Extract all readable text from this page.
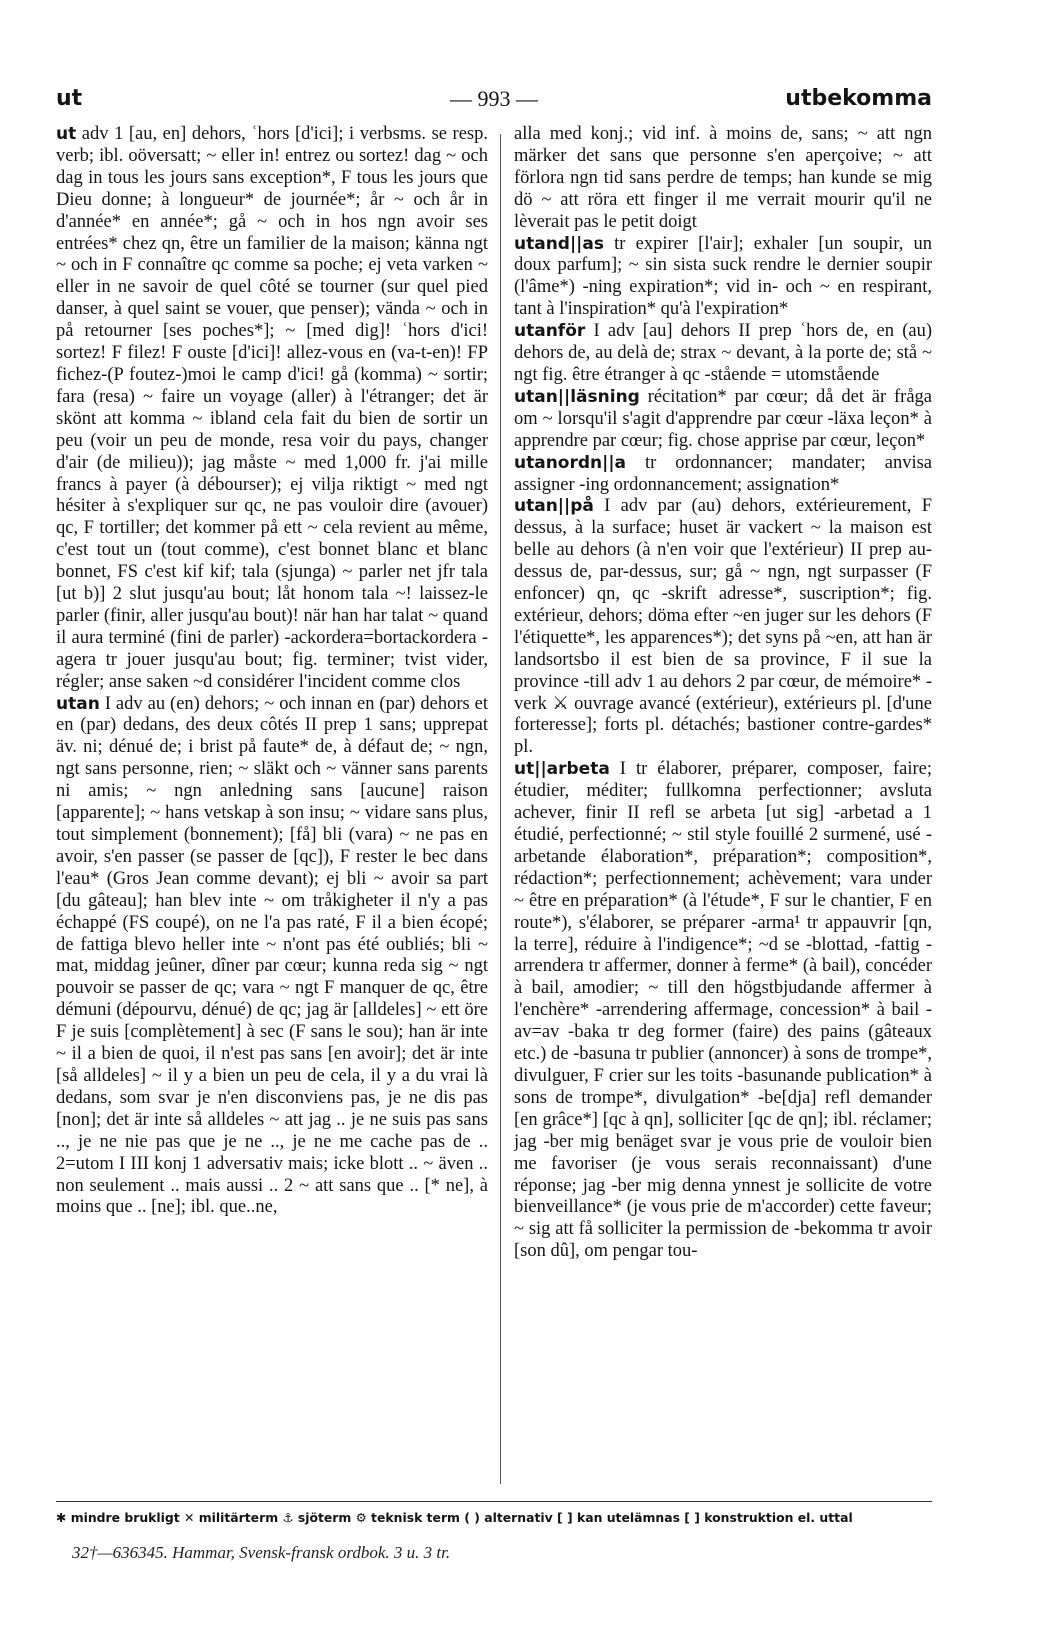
ut	— 993 —	utbekomma

ut adv 1 [au, en] dehors, ʿhors [d'ici]; i verbsms. se resp. verb; ibl. oöversatt; ~ eller in! entrez ou sortez! dag ~ och dag in tous les jours sans exception*, F tous les jours que Dieu donne; à longueur* de journée*; år ~ och år in d'année* en année*; gå ~ och in hos ngn avoir ses entrées* chez qn, être un familier de la maison; känna ngt ~ och in F connaître qc comme sa poche; ej veta varken ~ eller in ne savoir de quel côté se tourner (sur quel pied danser, à quel saint se vouer, que penser); vända ~ och in på retourner [ses poches*]; ~ [med dig]! ʿhors d'ici! sortez! F filez! F ouste [d'ici]! allez-vous en (va-t-en)! FP fichez-(P foutez-)moi le camp d'ici! gå (komma) ~ sortir; fara (resa) ~ faire un voyage (aller) à l'étranger; det är skönt att komma ~ ibland cela fait du bien de sortir un peu (voir un peu de monde, resa voir du pays, changer d'air (de milieu)); jag måste ~ med 1,000 fr. j'ai mille francs à payer (à débourser); ej vilja riktigt ~ med ngt hésiter à s'expliquer sur qc, ne pas vouloir dire (avouer) qc, F tortiller; det kommer på ett ~ cela revient au même, c'est tout un (tout comme), c'est bonnet blanc et blanc bonnet, FS c'est kif kif; tala (sjunga) ~ parler net jfr tala [ut b)] 2 slut jusqu'au bout; låt honom tala ~! laissez-le parler (finir, aller jusqu'au bout)! när han har talat ~ quand il aura terminé (fini de parler) -ackordera=bortackordera -agera tr jouer jusqu'au bout; fig. terminer; tvist vider, régler; anse saken ~d considérer l'incident comme clos

utan I adv au (en) dehors; ~ och innan en (par) dehors et en (par) dedans, des deux côtés II prep 1 sans; upprepat äv. ni; dénué de; i brist på faute* de, à défaut de; ~ ngn, ngt sans personne, rien; ~ släkt och ~ vänner sans parents ni amis; ~ ngn anledning sans [aucune] raison [apparente]; ~ hans vetskap à son insu; ~ vidare sans plus, tout simplement (bonnement); [få] bli (vara) ~ ne pas en avoir, s'en passer (se passer de [qc]), F rester le bec dans l'eau* (Gros Jean comme devant); ej bli ~ avoir sa part [du gâteau]; han blev inte ~ om tråkigheter il n'y a pas échappé (FS coupé), on ne l'a pas raté, F il a bien écopé; de fattiga blevo heller inte ~ n'ont pas été oubliés; bli ~ mat, middag jeûner, dîner par cœur; kunna reda sig ~ ngt pouvoir se passer de qc; vara ~ ngt F manquer de qc, être démuni (dépourvu, dénué) de qc; jag är [alldeles] ~ ett öre F je suis [complètement] à sec (F sans le sou); han är inte ~ il a bien de quoi, il n'est pas sans [en avoir]; det är inte [så alldeles] ~ il y a bien un peu de cela, il y a du vrai là dedans, som svar je n'en disconviens pas, je ne dis pas [non]; det är inte så alldeles ~ att jag .. je ne suis pas sans .., je ne nie pas que je ne .., je ne me cache pas de .. 2=utom I III konj 1 adversativ mais; icke blott .. ~ även .. non seulement .. mais aussi .. 2 ~ att sans que .. [* ne], à moins que .. [ne]; ibl. que..ne,

alla med konj.; vid inf. à moins de, sans; ~ att ngn märker det sans que personne s'en aperçoive; ~ att förlora ngn tid sans perdre de temps; han kunde se mig dö ~ att röra ett finger il me verrait mourir qu'il ne lèverait pas le petit doigt

utand||as tr expirer [l'air]; exhaler [un soupir, un doux parfum]; ~ sin sista suck rendre le dernier soupir (l'âme*) -ning expiration*; vid in- och ~ en respirant, tant à l'inspiration* qu'à l'expiration*

utanför I adv [au] dehors II prep ʿhors de, en (au) dehors de, au delà de; strax ~ devant, à la porte de; stå ~ ngt fig. être étranger à qc -stående = utomstående

utan||läsning récitation* par cœur; då det är fråga om ~ lorsqu'il s'agit d'apprendre par cœur -läxa leçon* à apprendre par cœur; fig. chose apprise par cœur, leçon*

utanordn||a tr ordonnancer; mandater; anvisa assigner -ing ordonnancement; assignation*

utan||på I adv par (au) dehors, extérieurement, F dessus, à la surface; huset är vackert ~ la maison est belle au dehors (à n'en voir que l'extérieur) II prep au-dessus de, par-dessus, sur; gå ~ ngn, ngt surpasser (F enfoncer) qn, qc -skrift adresse*, suscription*; fig. extérieur, dehors; döma efter ~en juger sur les dehors (F l'étiquette*, les apparences*); det syns på ~en, att han är landsortsbo il est bien de sa province, F il sue la province -till adv 1 au dehors 2 par cœur, de mémoire* -verk ⚔ ouvrage avancé (extérieur), extérieurs pl. [d'une forteresse]; forts pl. détachés; bastioner contre-gardes* pl.

ut||arbeta I tr élaborer, préparer, composer, faire; étudier, méditer; fullkomna perfectionner; avsluta achever, finir II refl se arbeta [ut sig] -arbetad a 1 étudié, perfectionné; ~ stil style fouillé 2 surmené, usé -arbetande élaboration*, préparation*; composition*, rédaction*; perfectionnement; achèvement; vara under ~ être en préparation* (à l'étude*, F sur le chantier, F en route*), s'élaborer, se préparer -arma¹ tr appauvrir [qn, la terre], réduire à l'indigence*; ~d se -blottad, -fattig -arrendera tr affermer, donner à ferme* (à bail), concéder à bail, amodier; ~ till den högstbjudande affermer à l'enchère* -arrendering affermage, concession* à bail -av=av -baka tr deg former (faire) des pains (gâteaux etc.) de -basuna tr publier (annoncer) à sons de trompe*, divulguer, F crier sur les toits -basunande publication* à sons de trompe*, divulgation* -be[dja] refl demander [en grâce*] [qc à qn], solliciter [qc de qn]; ibl. réclamer; jag -ber mig benäget svar je vous prie de vouloir bien me favoriser (je vous serais reconnaissant) d'une réponse; jag -ber mig denna ynnest je sollicite de votre bienveillance* (je vous prie de m'accorder) cette faveur; ~ sig att få solliciter la permission de -bekomma tr avoir [son dû], om pengar tou-

✱ mindre brukligt ✕ militärterm ⚓ sjöterm ⚙ teknisk term ( ) alternativ [ ] kan utelämnas [ ] konstruktion el. uttal
32†—636345. Hammar, Svensk-fransk ordbok. 3 u. 3 tr.
